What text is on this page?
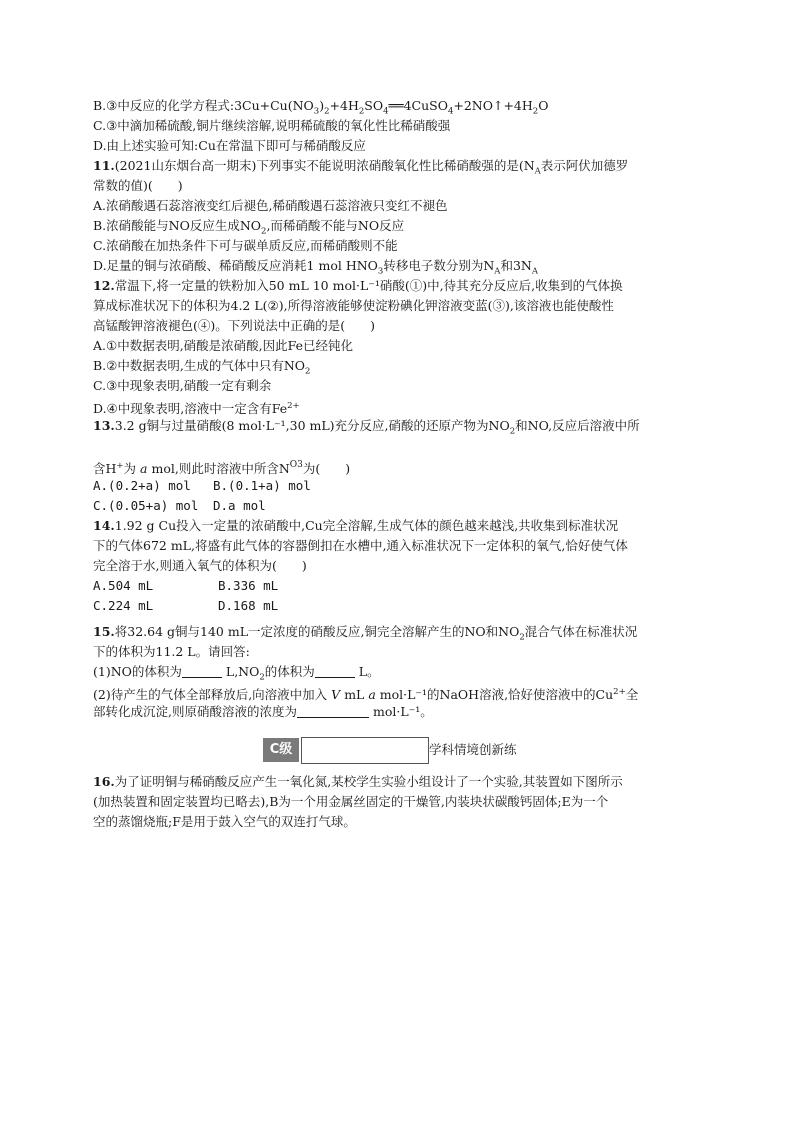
B.③中反应的化学方程式$:3Cu+Cu(NO_3)_2+4H_2SO_4══4CuSO_4+2NO↑+4H_2O$
C.③中滴加稀硫酸,铜片继续溶解,说明稀硫酸的氧化性比稀硝酸强
D.由上述实验可知:Cu在常温下即可与稀硝酸反应
11.(2021山东烟台高一期末)下列事实不能说明浓硝酸氧化性比稀硝酸强的是($N_A$表示阿伏加德罗
常数的值)(　　)
A.浓硝酸遇石蕊溶液变红后褪色,稀硝酸遇石蕊溶液只变红不褪色
B.浓硝酸能与NO反应生成$NO_2$,而稀硝酸不能与NO反应
C.浓硝酸在加热条件下可与碳单质反应,而稀硝酸则不能
D.足量的铜与浓硝酸、稀硝酸反应消耗1 mol $HNO_3$转移电子数分别为$N_A$和$3N_A$
12.常温下,将一定量的铁粉加入50 mL 10 mol·L⁻¹硝酸(①)中,待其充分反应后,收集到的气体换
算成标准状况下的体积为4.2 L(②),所得溶液能够使淀粉碘化钾溶液变蓝(③),该溶液也能使酸性
高锰酸钾溶液褪色(④)。下列说法中正确的是(　　)
A.①中数据表明,硝酸是浓硝酸,因此Fe已经钝化
B.②中数据表明,生成的气体中只有$NO_2$
C.③中现象表明,硝酸一定有剩余
D.④中现象表明,溶液中一定含有$Fe^{2+}$
13.3.2 g铜与过量硝酸(8 mol·L⁻¹,30 mL)充分反应,硝酸的还原产物为$NO_2$和NO,反应后溶液中所
含H+为 a mol,则此时溶液中所含$N^{O3}$为(　　)
A.(0.2+a) mol	B.(0.1+a) mol
C.(0.05+a) mol	D.a mol
14.1.92 g Cu投入一定量的浓硝酸中,Cu完全溶解,生成气体的颜色越来越浅,共收集到标准状况
下的气体672 mL,将盛有此气体的容器倒扣在水槽中,通入标准状况下一定体积的氧气,恰好使气体
完全溶于水,则通入氧气的体积为(　　)
A.504 mL	B.336 mL
C.224 mL	D.168 mL
15.将32.64 g铜与140 mL一定浓度的硝酸反应,铜完全溶解产生的NO和$NO_2$混合气体在标准状况
下的体积为11.2 L。请回答:
(1)NO的体积为	$L,NO_2$的体积为	L。
(2)待产生的气体全部释放后,向溶液中加入 V mL a mol·L⁻¹的NaOH溶液,恰好使溶液中的$Cu^{2+}$全
部转化成沉淀,则原硝酸溶液的浓度为	mol·L⁻¹。
C级	学科情境创新练
16.为了证明铜与稀硝酸反应产生一氧化氮,某校学生实验小组设计了一个实验,其装置如下图所示
(加热装置和固定装置均已略去),B为一个用金属丝固定的干燥管,内装块状碳酸钙固体;E为一个
空的蒸馏烧瓶;F是用于鼓入空气的双连打气球。
